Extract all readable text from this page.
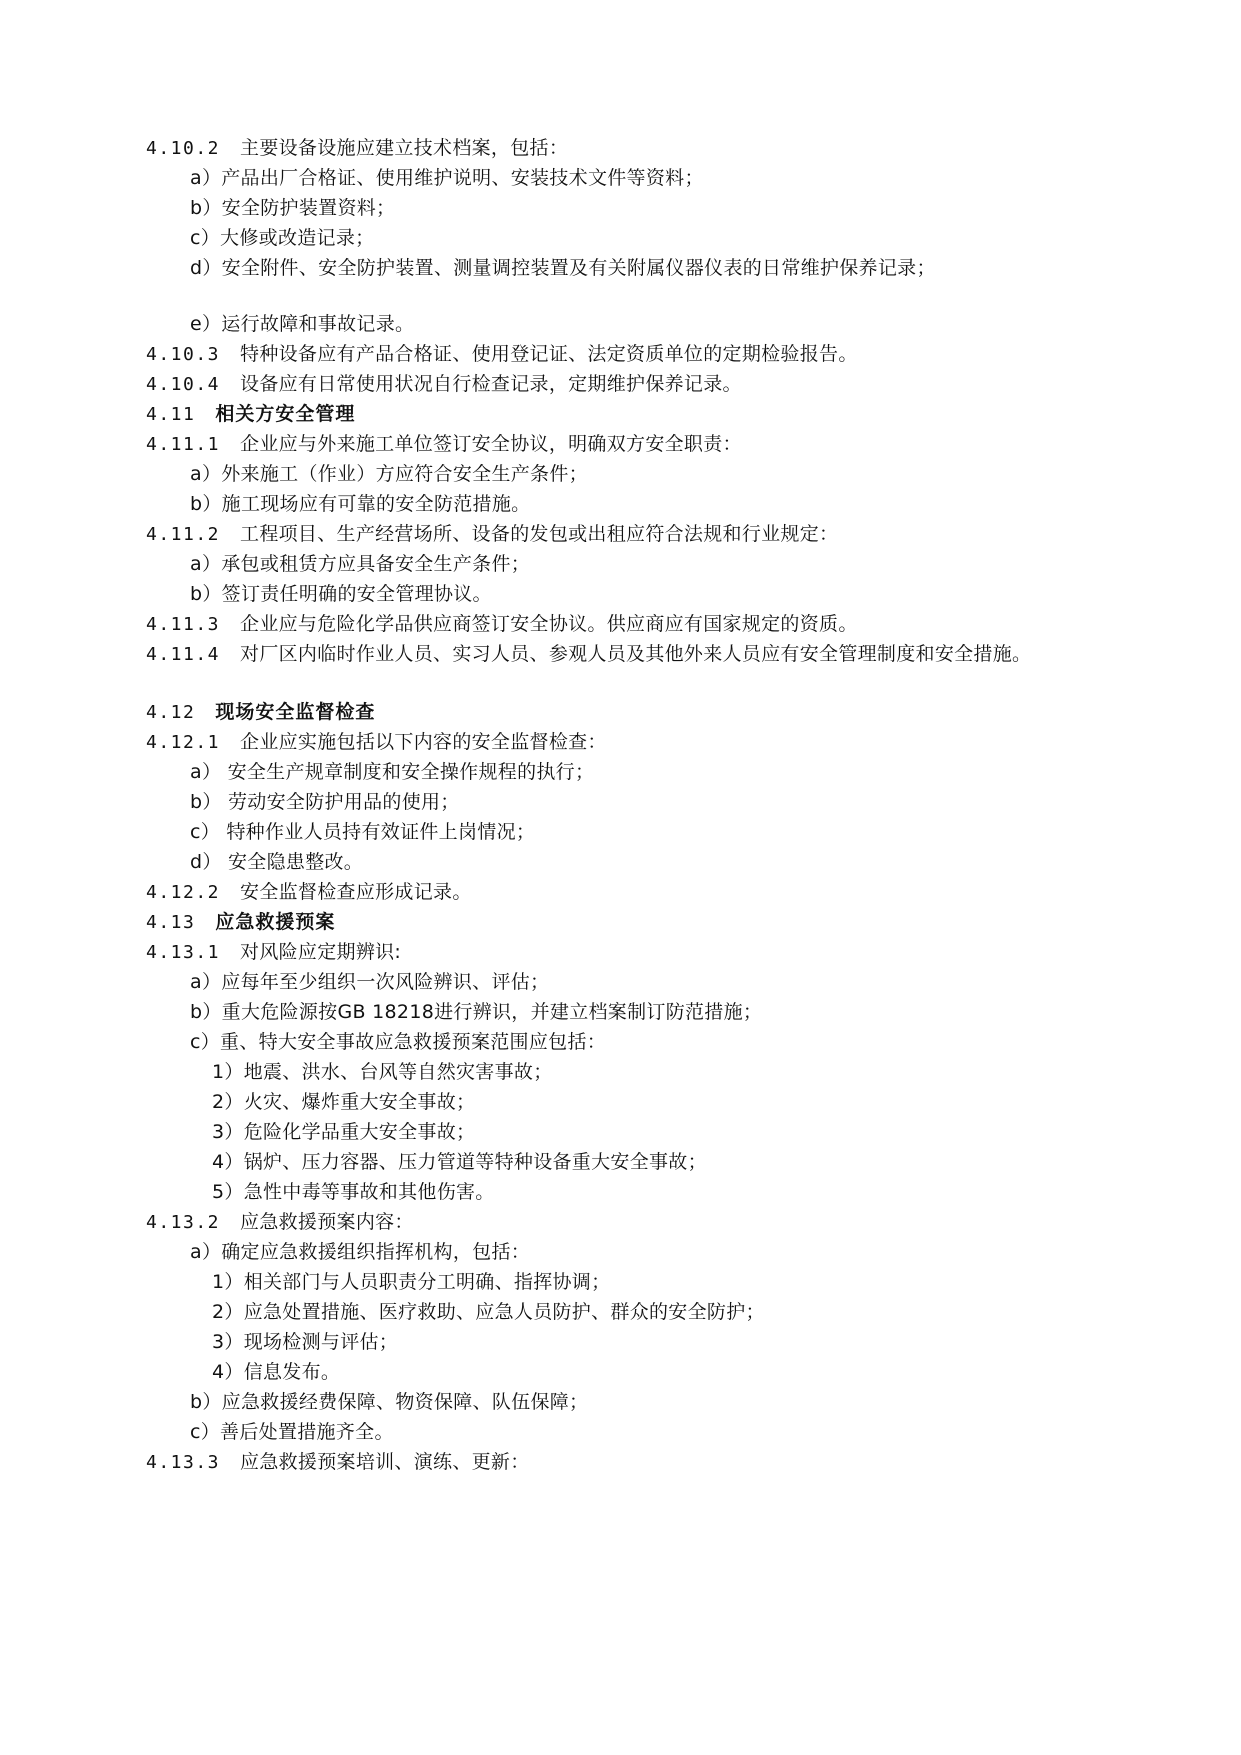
4.10.2 主要设备设施应建立技术档案，包括：
a）产品出厂合格证、使用维护说明、安装技术文件等资料；
b）安全防护装置资料；
c）大修或改造记录；
d）安全附件、安全防护装置、测量调控装置及有关附属仪器仪表的日常维护保养记录；
e）运行故障和事故记录。
4.10.3 特种设备应有产品合格证、使用登记证、法定资质单位的定期检验报告。
4.10.4 设备应有日常使用状况自行检查记录，定期维护保养记录。
4.11 相关方安全管理
4.11.1 企业应与外来施工单位签订安全协议，明确双方安全职责：
a）外来施工（作业）方应符合安全生产条件；
b）施工现场应有可靠的安全防范措施。
4.11.2 工程项目、生产经营场所、设备的发包或出租应符合法规和行业规定：
a）承包或租赁方应具备安全生产条件；
b）签订责任明确的安全管理协议。
4.11.3 企业应与危险化学品供应商签订安全协议。供应商应有国家规定的资质。
4.11.4 对厂区内临时作业人员、实习人员、参观人员及其他外来人员应有安全管理制度和安全措施。
4.12 现场安全监督检查
4.12.1 企业应实施包括以下内容的安全监督检查：
a） 安全生产规章制度和安全操作规程的执行；
b） 劳动安全防护用品的使用；
c） 特种作业人员持有效证件上岗情况；
d） 安全隐患整改。
4.12.2 安全监督检查应形成记录。
4.13 应急救援预案
4.13.1 对风险应定期辨识:
a）应每年至少组织一次风险辨识、评估；
b）重大危险源按GB 18218进行辨识，并建立档案制订防范措施；
c）重、特大安全事故应急救援预案范围应包括：
1）地震、洪水、台风等自然灾害事故；
2）火灾、爆炸重大安全事故；
3）危险化学品重大安全事故；
4）锅炉、压力容器、压力管道等特种设备重大安全事故；
5）急性中毒等事故和其他伤害。
4.13.2 应急救援预案内容：
a）确定应急救援组织指挥机构，包括：
1）相关部门与人员职责分工明确、指挥协调；
2）应急处置措施、医疗救助、应急人员防护、群众的安全防护；
3）现场检测与评估；
4）信息发布。
b）应急救援经费保障、物资保障、队伍保障；
c）善后处置措施齐全。
4.13.3 应急救援预案培训、演练、更新：
